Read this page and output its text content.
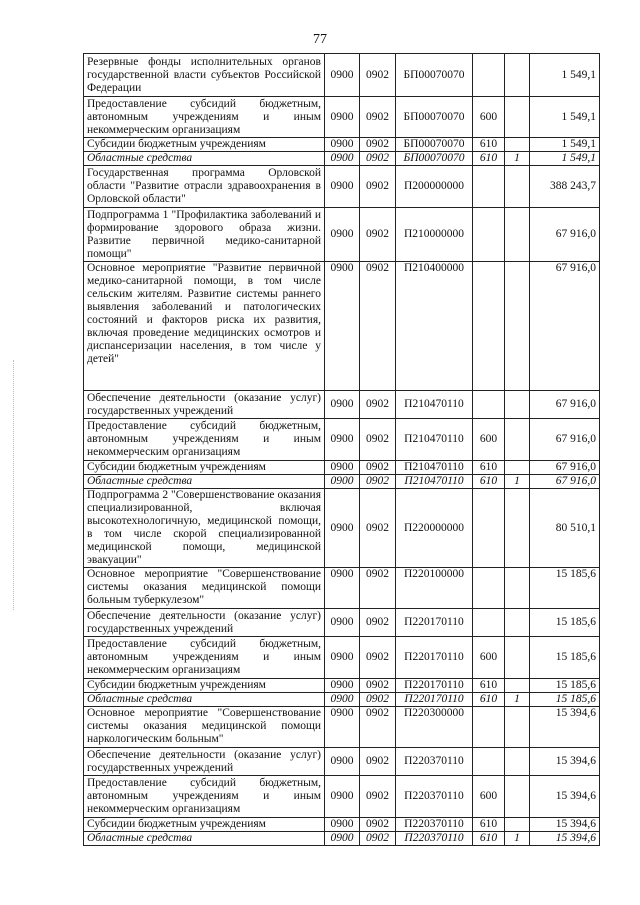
77
Резервные фонды исполнительных органов государственной власти субъектов Российской Федерации	0900	0902	БП00070070			1 549,1
Предоставление субсидий бюджетным, автономным учреждениям и иным некоммерческим организациям	0900	0902	БП00070070	600		1 549,1
Субсидии бюджетным учреждениям	0900	0902	БП00070070	610		1 549,1
Областные средства	0900	0902	БП00070070	610	1	1 549,1
Государственная программа Орловской области "Развитие отрасли здравоохранения в Орловской области"	0900	0902	П200000000			388 243,7
Подпрограмма 1 "Профилактика заболеваний и формирование здорового образа жизни. Развитие первичной медико-санитарной помощи"	0900	0902	П210000000			67 916,0
Основное мероприятие "Развитие первичной медико-санитарной помощи, в том числе сельским жителям. Развитие системы раннего выявления заболеваний и патологических состояний и факторов риска их развития, включая проведение медицинских осмотров и диспансеризации населения, в том числе у детей"	0900	0902	П210400000			67 916,0
Обеспечение деятельности (оказание услуг) государственных учреждений	0900	0902	П210470110			67 916,0
Предоставление субсидий бюджетным, автономным учреждениям и иным некоммерческим организациям	0900	0902	П210470110	600		67 916,0
Субсидии бюджетным учреждениям	0900	0902	П210470110	610		67 916,0
Областные средства	0900	0902	П210470110	610	1	67 916,0
Подпрограмма 2 "Совершенствование оказания специализированной, включая высокотехнологичную, медицинской помощи, в том числе скорой специализированной медицинской помощи, медицинской эвакуации"	0900	0902	П220000000			80 510,1
Основное мероприятие "Совершенствование системы оказания медицинской помощи больным туберкулезом"	0900	0902	П220100000			15 185,6
Обеспечение деятельности (оказание услуг) государственных учреждений	0900	0902	П220170110			15 185,6
Предоставление субсидий бюджетным, автономным учреждениям и иным некоммерческим организациям	0900	0902	П220170110	600		15 185,6
Субсидии бюджетным учреждениям	0900	0902	П220170110	610		15 185,6
Областные средства	0900	0902	П220170110	610	1	15 185,6
Основное мероприятие "Совершенствование системы оказания медицинской помощи наркологическим больным"	0900	0902	П220300000			15 394,6
Обеспечение деятельности (оказание услуг) государственных учреждений	0900	0902	П220370110			15 394,6
Предоставление субсидий бюджетным, автономным учреждениям и иным некоммерческим организациям	0900	0902	П220370110	600		15 394,6
Субсидии бюджетным учреждениям	0900	0902	П220370110	610		15 394,6
Областные средства	0900	0902	П220370110	610	1	15 394,6
